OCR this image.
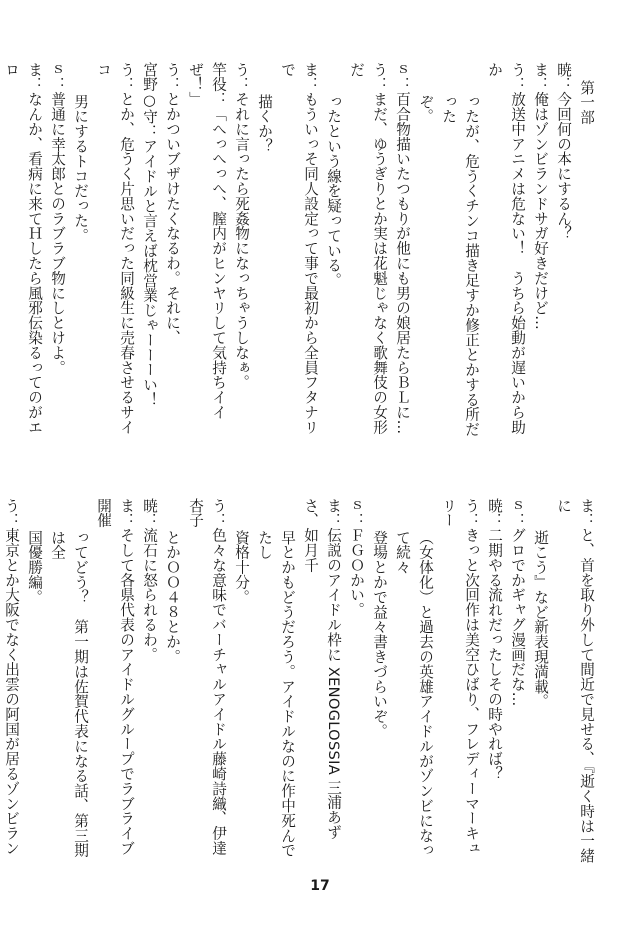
第一部
暁：今回何の本にするん？
ま：俺はゾンビランドサガ好きだけど…
う：放送中アニメは危ない！　うちら始動が遅いから助か
ったが、危うくチンコ描き足すか修正とかする所だった
ぞ。
ｓ：百合物描いたつもりが他にも男の娘居たらＢＬに…
う：まだ、ゆうぎりとか実は花魁じゃなく歌舞伎の女形だ
ったという線を疑っている。
ま：もういっそ同人設定って事で最初から全員フタナリで
描くか？
う：それに言ったら死姦物になっちゃうしなぁ。
竿役：「へっへっへ、膣内がヒンヤリして気持ちイイぜ！」
う：とかついブザけたくなるわ。それに、
宮野○守：アイドルと言えば枕営業じゃーーーい！
う：とか、危うく片思いだった同級生に売春させるサイコ
男にするトコだった。
ｓ：普通に幸太郎とのラブラブ物にしとけよ。
ま：なんか、看病に来てＨしたら風邪伝染るってのがエロ
ま：と、首を取り外して間近で見せる、『逝く時は一緒に
逝こう』など新表現満載。
ｓ：グロでかギャグ漫画だな…
暁：二期やる流れだったしその時やれば？
う：きっと次回作は美空ひばり、フレディーマーキュリー
（女体化）と過去の英雄アイドルがゾンビになって続々
登場とかで益々書きづらいぞ。
ｓ：ＦＧＯかい。
ま：伝説のアイドル枠に XENOGLOSSIA 三浦あずさ、如月千
早とかもどうだろう。アイドルなのに作中死んでたし
資格十分。
う：色々な意味でバーチャルアイドル藤崎詩織、伊達杏子
とかＯＯ４８とか。
暁：流石に怒られるわ。
ま：そして各県代表のアイドルグループでラブライブ開催
ってどう？　第一期は佐賀代表になる話、第三期は全
国優勝編。
う：東京とか大阪でなく出雲の阿国が居るゾンビラン
17
